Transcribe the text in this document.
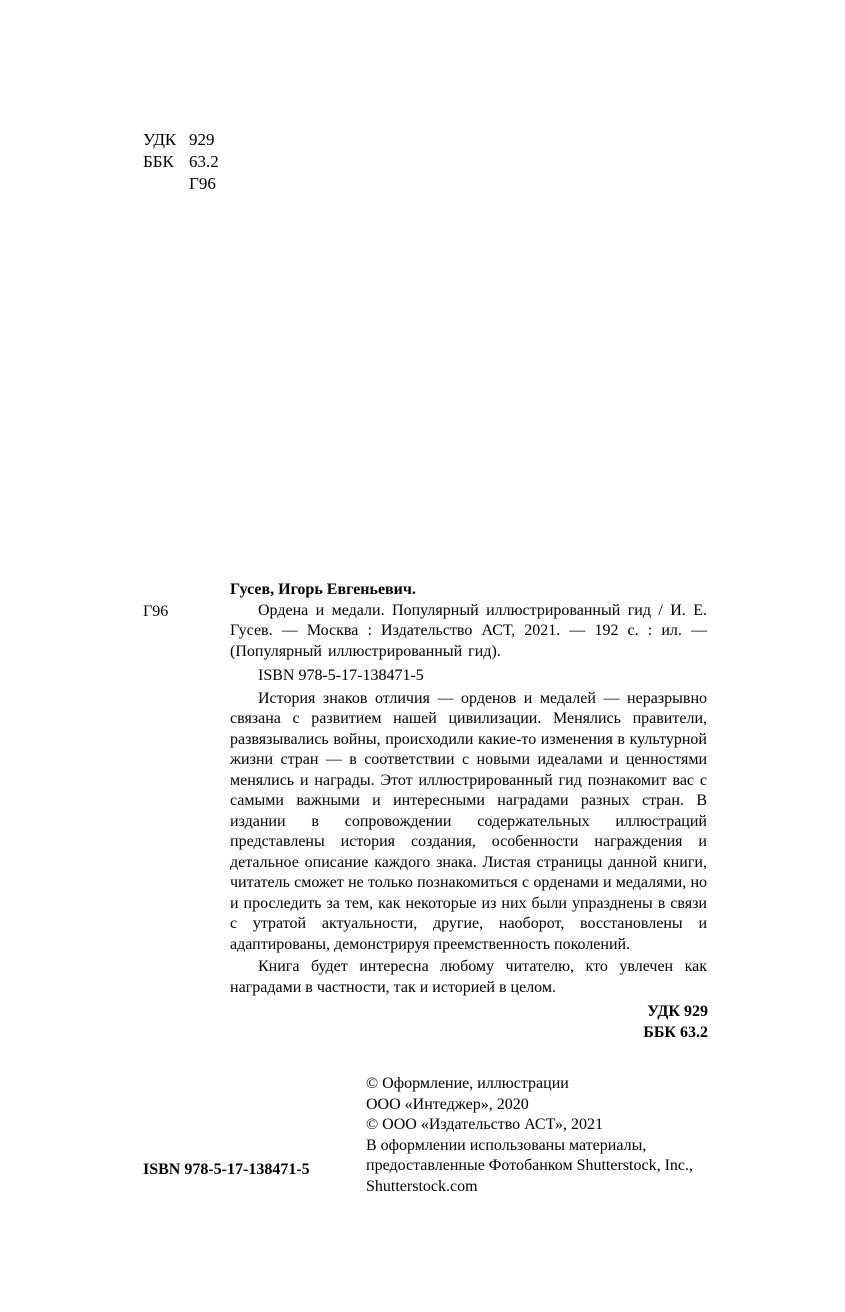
УДК 929
ББК 63.2
Г96
Г96

Гусев, Игорь Евгеньевич.

Ордена и медали. Популярный иллюстрированный гид / И. Е. Гусев. — Москва : Издательство АСТ, 2021. — 192 с. : ил. — (Популярный иллюстрированный гид).

ISBN 978-5-17-138471-5

История знаков отличия — орденов и медалей — неразрывно связана с развитием нашей цивилизации. Менялись правители, развязывались войны, происходили какие-то изменения в культурной жизни стран — в соответствии с новыми идеалами и ценностями менялись и награды. Этот иллюстрированный гид познакомит вас с самыми важными и интересными наградами разных стран. В издании в сопровождении содержательных иллюстраций представлены история создания, особенности награждения и детальное описание каждого знака. Листая страницы данной книги, читатель сможет не только познакомиться с орденами и медалями, но и проследить за тем, как некоторые из них были упразднены в связи с утратой актуальности, другие, наоборот, восстановлены и адаптированы, демонстрируя преемственность поколений.

Книга будет интересна любому читателю, кто увлечен как наградами в частности, так и историей в целом.

УДК 929
ББК 63.2
ISBN 978-5-17-138471-5
© Оформление, иллюстрации
ООО «Интеджер», 2020
© ООО «Издательство АСТ», 2021
В оформлении использованы материалы,
предоставленные Фотобанком Shutterstock, Inc.,
Shutterstock.com
